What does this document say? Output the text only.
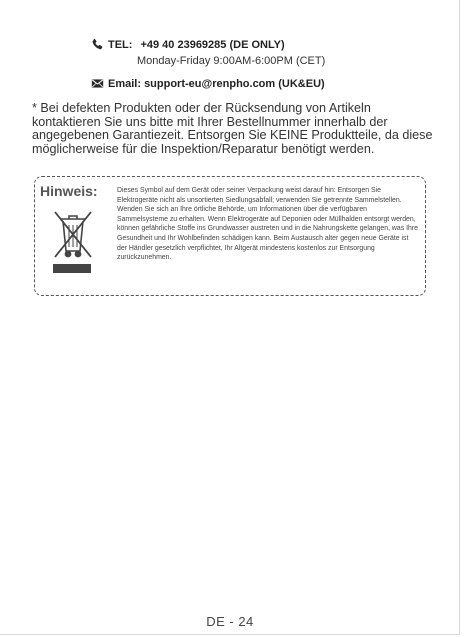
TEL: +49 40 23969285 (DE ONLY)
Monday-Friday 9:00AM-6:00PM (CET)
Email: support-eu@renpho.com (UK&EU)
* Bei defekten Produkten oder der Rücksendung von Artikeln kontaktieren Sie uns bitte mit Ihrer Bestellnummer innerhalb der angegebenen Garantiezeit. Entsorgen Sie KEINE Produktteile, da diese möglicherweise für die Inspektion/Reparatur benötigt werden.
Hinweis:	Dieses Symbol auf dem Gerät oder seiner Verpackung weist darauf hin: Entsorgen Sie Elektrogeräte nicht als unsortierten Siedlungsabfall; verwenden Sie getrennte Sammelstellen. Wenden Sie sich an Ihre örtliche Behörde, um Informationen über die verfügbaren Sammelsysteme zu erhalten. Wenn Elektrogeräte auf Deponien oder Müllhalden entsorgt werden, können gefährliche Stoffe ins Grundwasser austreten und in die Nahrungskette gelangen, was Ihre Gesundheit und Ihr Wohlbefinden schädigen kann. Beim Austausch alter gegen neue Geräte ist der Händler gesetzlich verpflichtet, Ihr Altgerät mindestens kostenlos zur Entsorgung zurückzunehmen.
DE - 24
